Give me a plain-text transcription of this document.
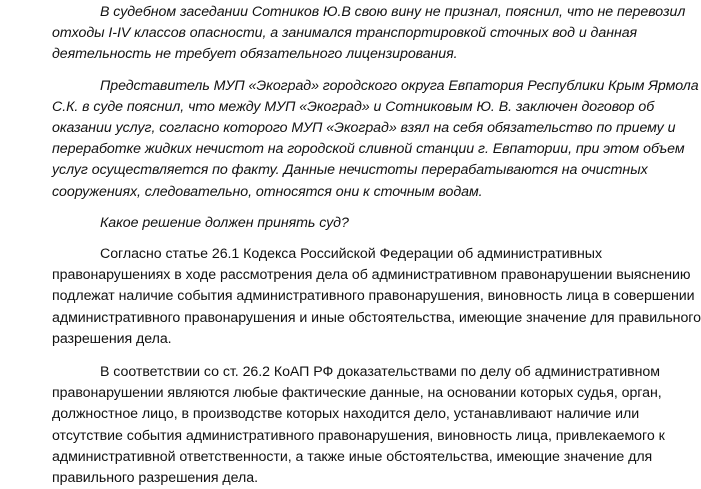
В судебном заседании Сотников Ю.В свою вину не признал, пояснил, что не перевозил
отходы I-IV классов опасности, а занимался транспортировкой сточных вод и данная
деятельность не требует обязательного лицензирования.
Представитель МУП «Экоград» городского округа Евпатория Республики Крым Ярмола
С.К. в суде пояснил, что между МУП «Экоград» и Сотниковым Ю. В. заключен договор об
оказании услуг, согласно которого МУП «Экоград» взял на себя обязательство по приему и
переработке жидких нечистот на городской сливной станции г. Евпатории, при этом объем
услуг осуществляется по факту. Данные нечистоты перерабатываются на очистных
сооружениях, следовательно, относятся они к сточным водам.
Какое решение должен принять суд?
Согласно статье 26.1 Кодекса Российской Федерации об административных
правонарушениях в ходе рассмотрения дела об административном правонарушении выяснению
подлежат наличие события административного правонарушения, виновность лица в совершении
административного правонарушения и иные обстоятельства, имеющие значение для правильного
разрешения дела.
В соответствии со ст. 26.2 КоАП РФ доказательствами по делу об административном
правонарушении являются любые фактические данные, на основании которых судья, орган,
должностное лицо, в производстве которых находится дело, устанавливают наличие или
отсутствие события административного правонарушения, виновность лица, привлекаемого к
административной ответственности, а также иные обстоятельства, имеющие значение для
правильного разрешения дела.
